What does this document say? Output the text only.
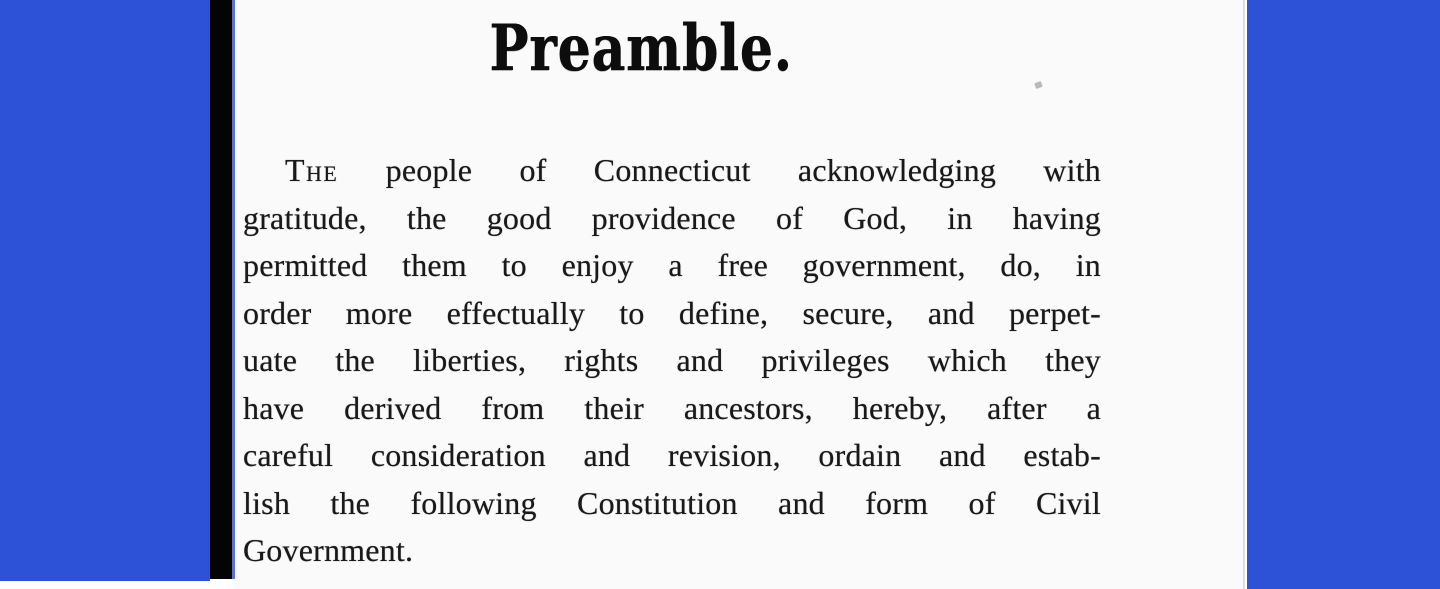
Preamble.
The people of Connecticut acknowledging with
gratitude, the good providence of God, in having
permitted them to enjoy a free government, do, in
order more effectually to define, secure, and perpet-
uate the liberties, rights and privileges which they
have derived from their ancestors, hereby, after a
careful consideration and revision, ordain and estab-
lish the following Constitution and form of Civil
Government.
